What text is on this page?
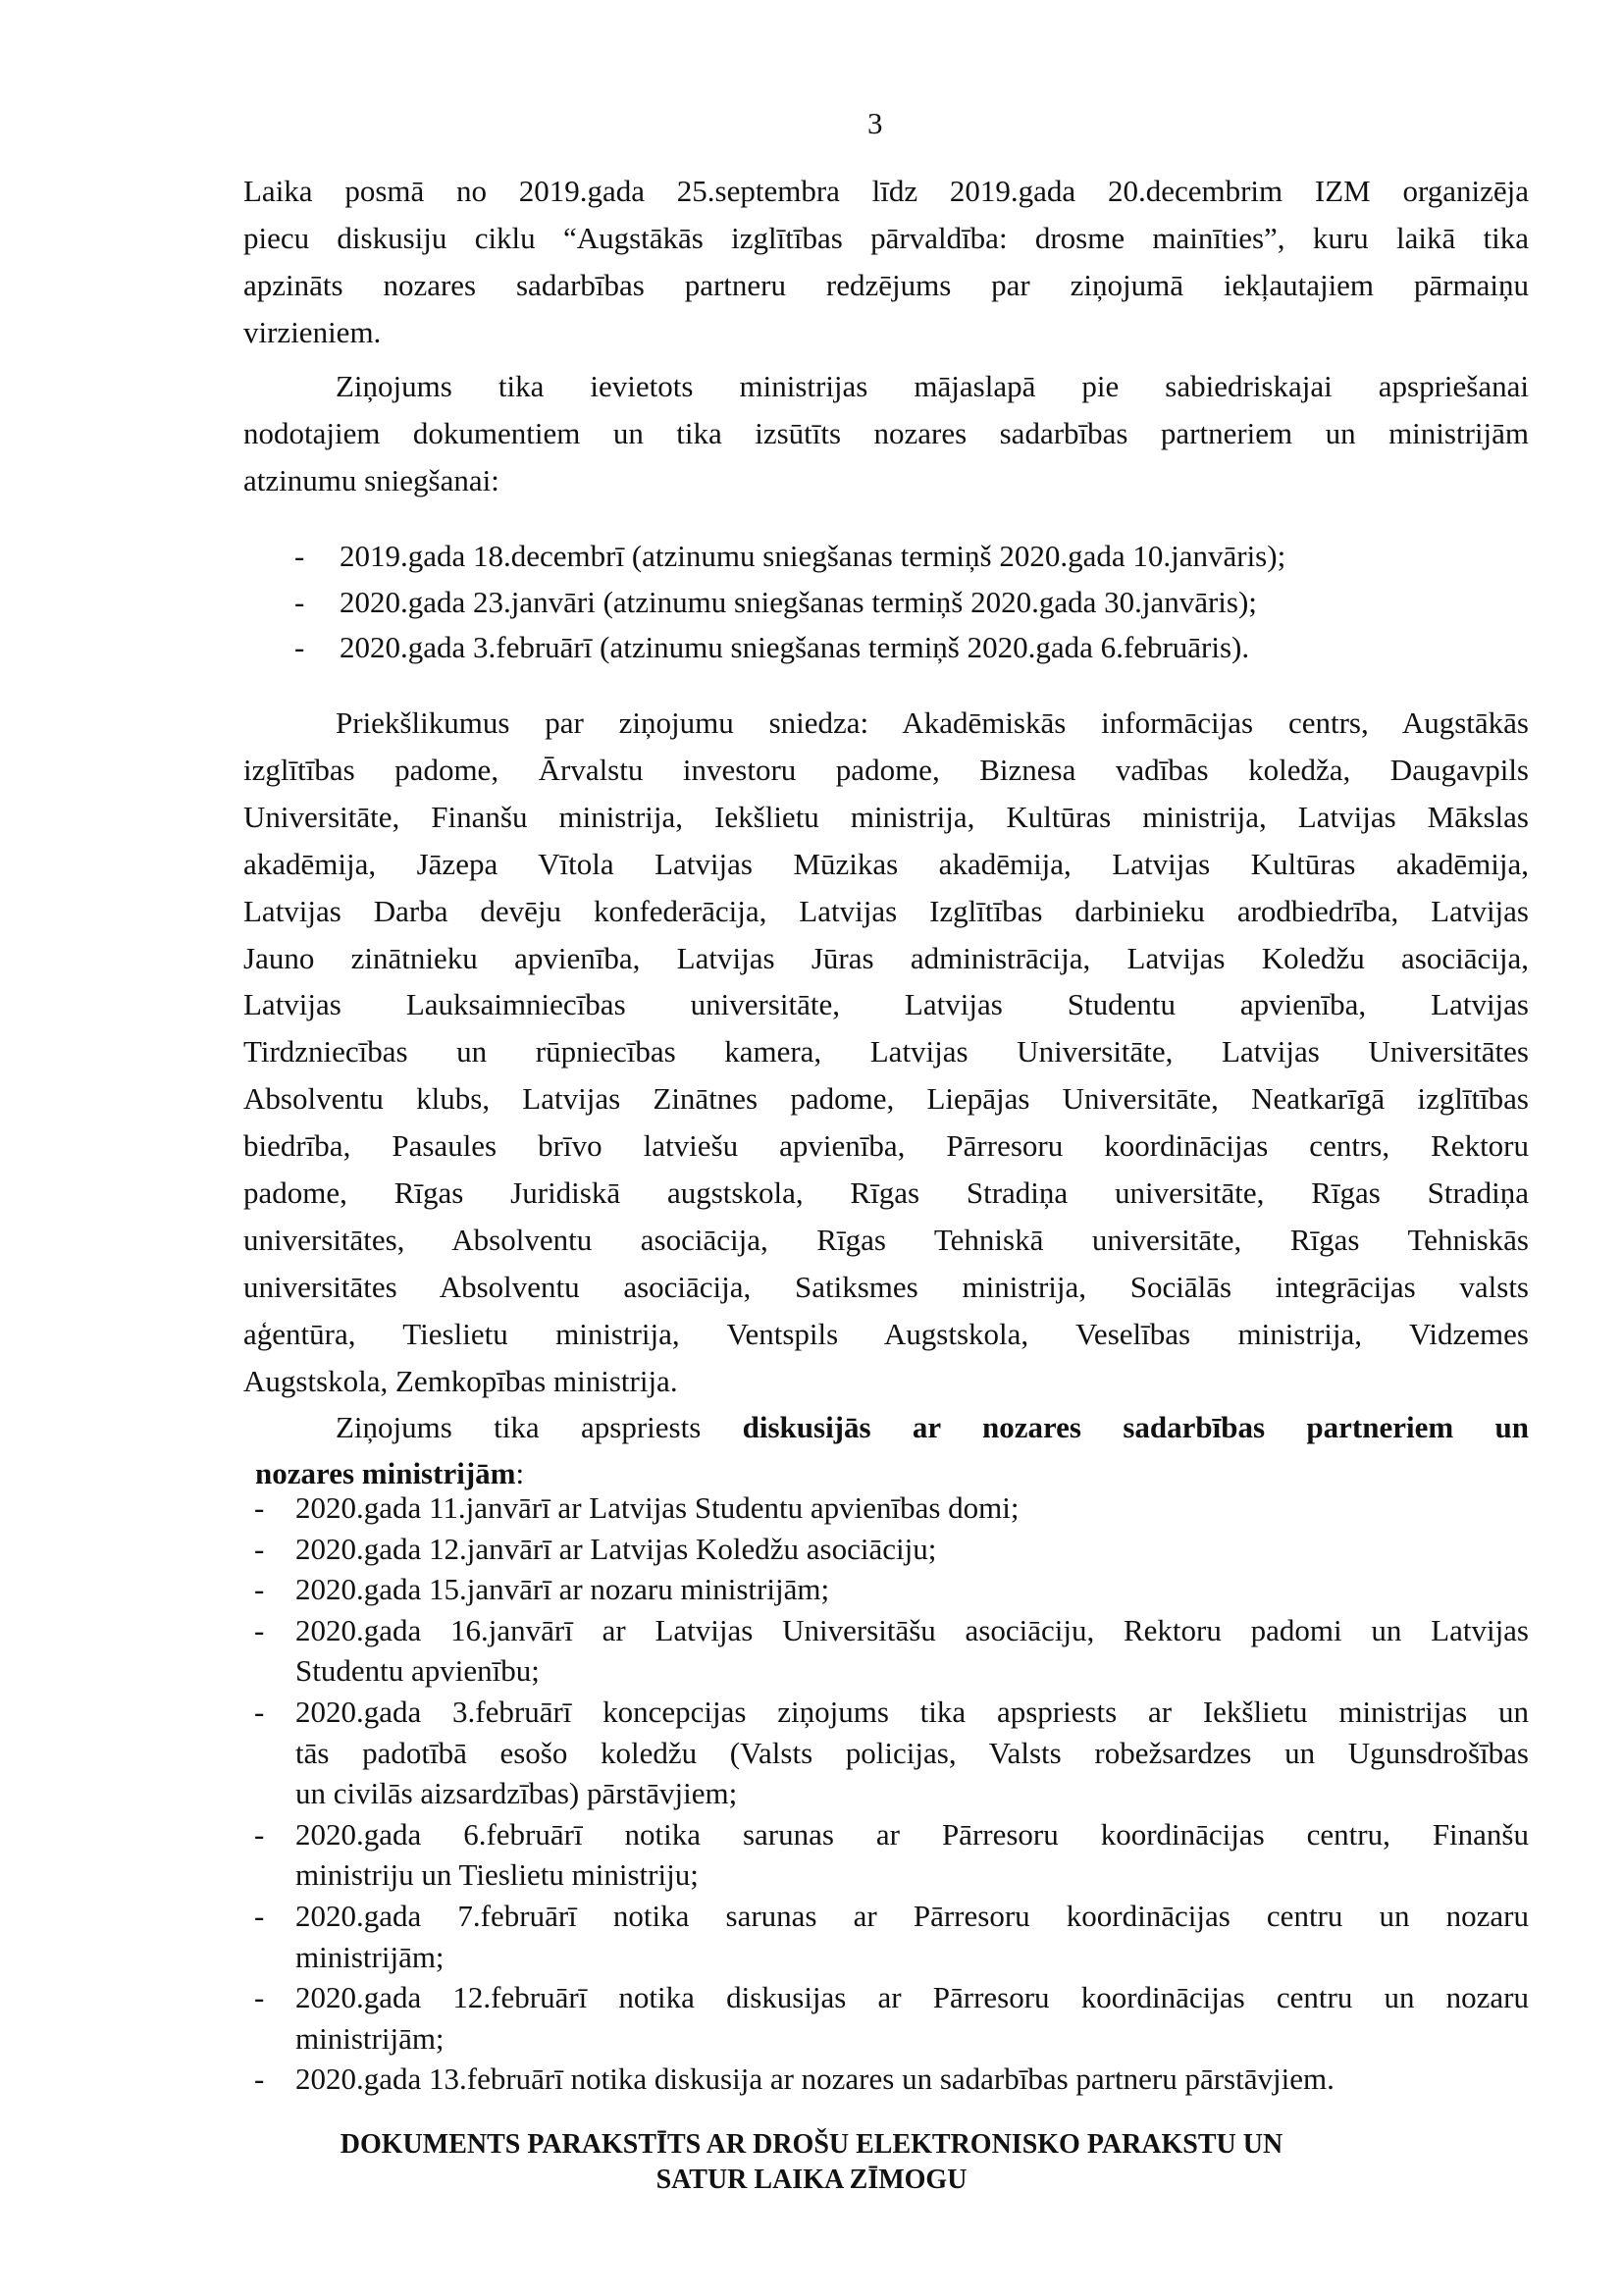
3
Laika posmā no 2019.gada 25.septembra līdz 2019.gada 20.decembrim IZM organizēja
piecu diskusiju ciklu “Augstākās izglītības pārvaldība: drosme mainīties”, kuru laikā tika
apzināts nozares sadarbības partneru redzējums par ziņojumā iekļautajiem pārmaiņu
virzieniem.
Ziņojums tika ievietots ministrijas mājaslapā pie sabiedriskajai apspriešanai
nodotajiem dokumentiem un tika izsūtīts nozares sadarbības partneriem un ministrijām
atzinumu sniegšanai:
- 2019.gada 18.decembrī (atzinumu sniegšanas termiņš 2020.gada 10.janvāris);
- 2020.gada 23.janvāri (atzinumu sniegšanas termiņš 2020.gada 30.janvāris);
- 2020.gada 3.februārī (atzinumu sniegšanas termiņš 2020.gada 6.februāris).
Priekšlikumus par ziņojumu sniedza: Akadēmiskās informācijas centrs, Augstākās
izglītības padome, Ārvalstu investoru padome, Biznesa vadības koledža, Daugavpils
Universitāte, Finanšu ministrija, Iekšlietu ministrija, Kultūras ministrija, Latvijas Mākslas
akadēmija, Jāzepa Vītola Latvijas Mūzikas akadēmija, Latvijas Kultūras akadēmija,
Latvijas Darba devēju konfederācija, Latvijas Izglītības darbinieku arodbiedrība, Latvijas
Jauno zinātnieku apvienība, Latvijas Jūras administrācija, Latvijas Koledžu asociācija,
Latvijas Lauksaimniecības universitāte, Latvijas Studentu apvienība, Latvijas
Tirdzniecības un rūpniecības kamera, Latvijas Universitāte, Latvijas Universitātes
Absolventu klubs, Latvijas Zinātnes padome, Liepājas Universitāte, Neatkarīgā izglītības
biedrība, Pasaules brīvo latviešu apvienība, Pārresoru koordinācijas centrs, Rektoru
padome, Rīgas Juridiskā augstskola, Rīgas Stradiņa universitāte, Rīgas Stradiņa
universitātes, Absolventu asociācija, Rīgas Tehniskā universitāte, Rīgas Tehniskās
universitātes Absolventu asociācija, Satiksmes ministrija, Sociālās integrācijas valsts
aģentūra, Tieslietu ministrija, Ventspils Augstskola, Veselības ministrija, Vidzemes
Augstskola, Zemkopības ministrija.
Ziņojums tika apspriests diskusijās ar nozares sadarbības partneriem un
nozares ministrijām:
- 2020.gada 11.janvārī ar Latvijas Studentu apvienības domi;
- 2020.gada 12.janvārī ar Latvijas Koledžu asociāciju;
- 2020.gada 15.janvārī ar nozaru ministrijām;
- 2020.gada 16.janvārī ar Latvijas Universitāšu asociāciju, Rektoru padomi un Latvijas
Studentu apvienību;
- 2020.gada 3.februārī koncepcijas ziņojums tika apspriests ar Iekšlietu ministrijas un
tās padotībā esošo koledžu (Valsts policijas, Valsts robežsardzes un Ugunsdrošības
un civilās aizsardzības) pārstāvjiem;
- 2020.gada 6.februārī notika sarunas ar Pārresoru koordinācijas centru, Finanšu
ministriju un Tieslietu ministriju;
- 2020.gada 7.februārī notika sarunas ar Pārresoru koordinācijas centru un nozaru
ministrijām;
- 2020.gada 12.februārī notika diskusijas ar Pārresoru koordinācijas centru un nozaru
ministrijām;
- 2020.gada 13.februārī notika diskusija ar nozares un sadarbības partneru pārstāvjiem.
DOKUMENTS PARAKSTĪTS AR DROŠU ELEKTRONISKO PARAKSTU UN
SATUR LAIKA ZĪMOGU
